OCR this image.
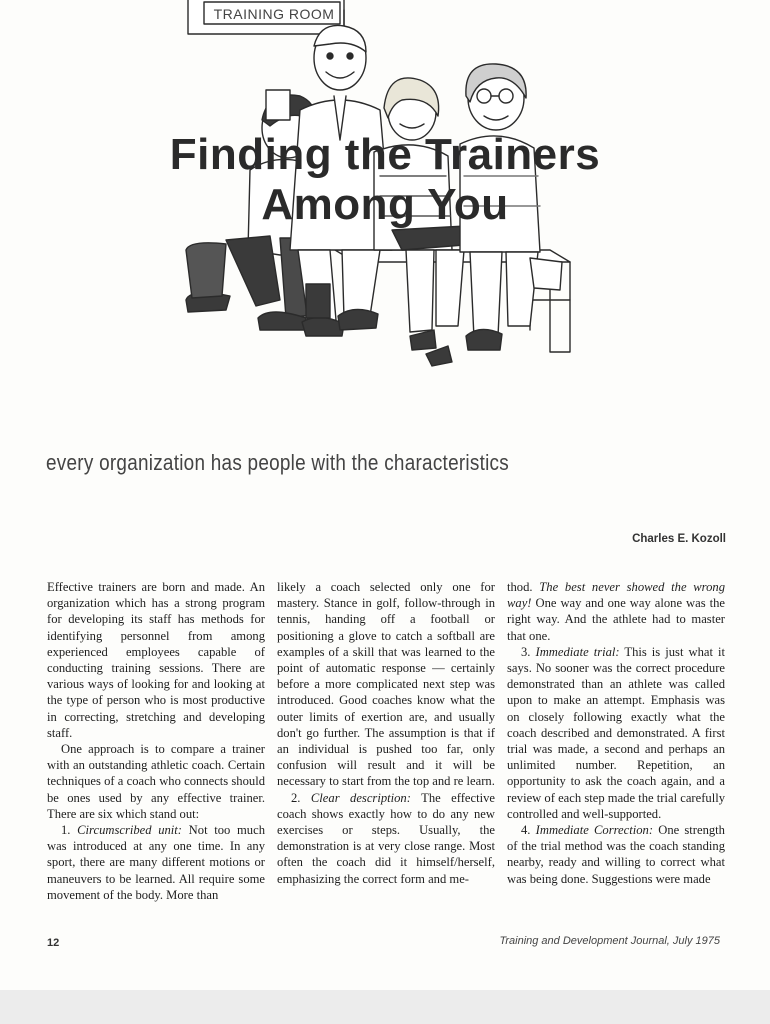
TRAINING ROOM
Finding the Trainers
Among You
every organization has people with the characteristics
Charles E. Kozoll

Effective trainers are born and made. An organization which has a strong program for developing its staff has methods for identifying personnel from among experienced employees capable of conducting training sessions. There are various ways of looking for and looking at the type of person who is most productive in correcting, stretching and developing staff.

One approach is to compare a trainer with an outstanding athletic coach. Certain techniques of a coach who connects should be ones used by any effective trainer. There are six which stand out:

1. Circumscribed unit: Not too much was introduced at any one time. In any sport, there are many different motions or maneuvers to be learned. All require some movement of the body. More than

likely a coach selected only one for mastery. Stance in golf, follow-through in tennis, handing off a football or positioning a glove to catch a softball are examples of a skill that was learned to the point of automatic response — certainly before a more complicated next step was introduced. Good coaches know what the outer limits of exertion are, and usually don't go further. The assumption is that if an individual is pushed too far, only confusion will result and it will be necessary to start from the top and re learn.

2. Clear description: The effective coach shows exactly how to do any new exercises or steps. Usually, the demonstration is at very close range. Most often the coach did it himself/herself, emphasizing the correct form and me-

thod. The best never showed the wrong way! One way and one way alone was the right way. And the athlete had to master that one.

3. Immediate trial: This is just what it says. No sooner was the correct procedure demonstrated than an athlete was called upon to make an attempt. Emphasis was on closely following exactly what the coach described and demonstrated. A first trial was made, a second and perhaps an unlimited number. Repetition, an opportunity to ask the coach again, and a review of each step made the trial carefully controlled and well-supported.

4. Immediate Correction: One strength of the trial method was the coach standing nearby, ready and willing to correct what was being done. Suggestions were made

12	Training and Development Journal, July 1975
